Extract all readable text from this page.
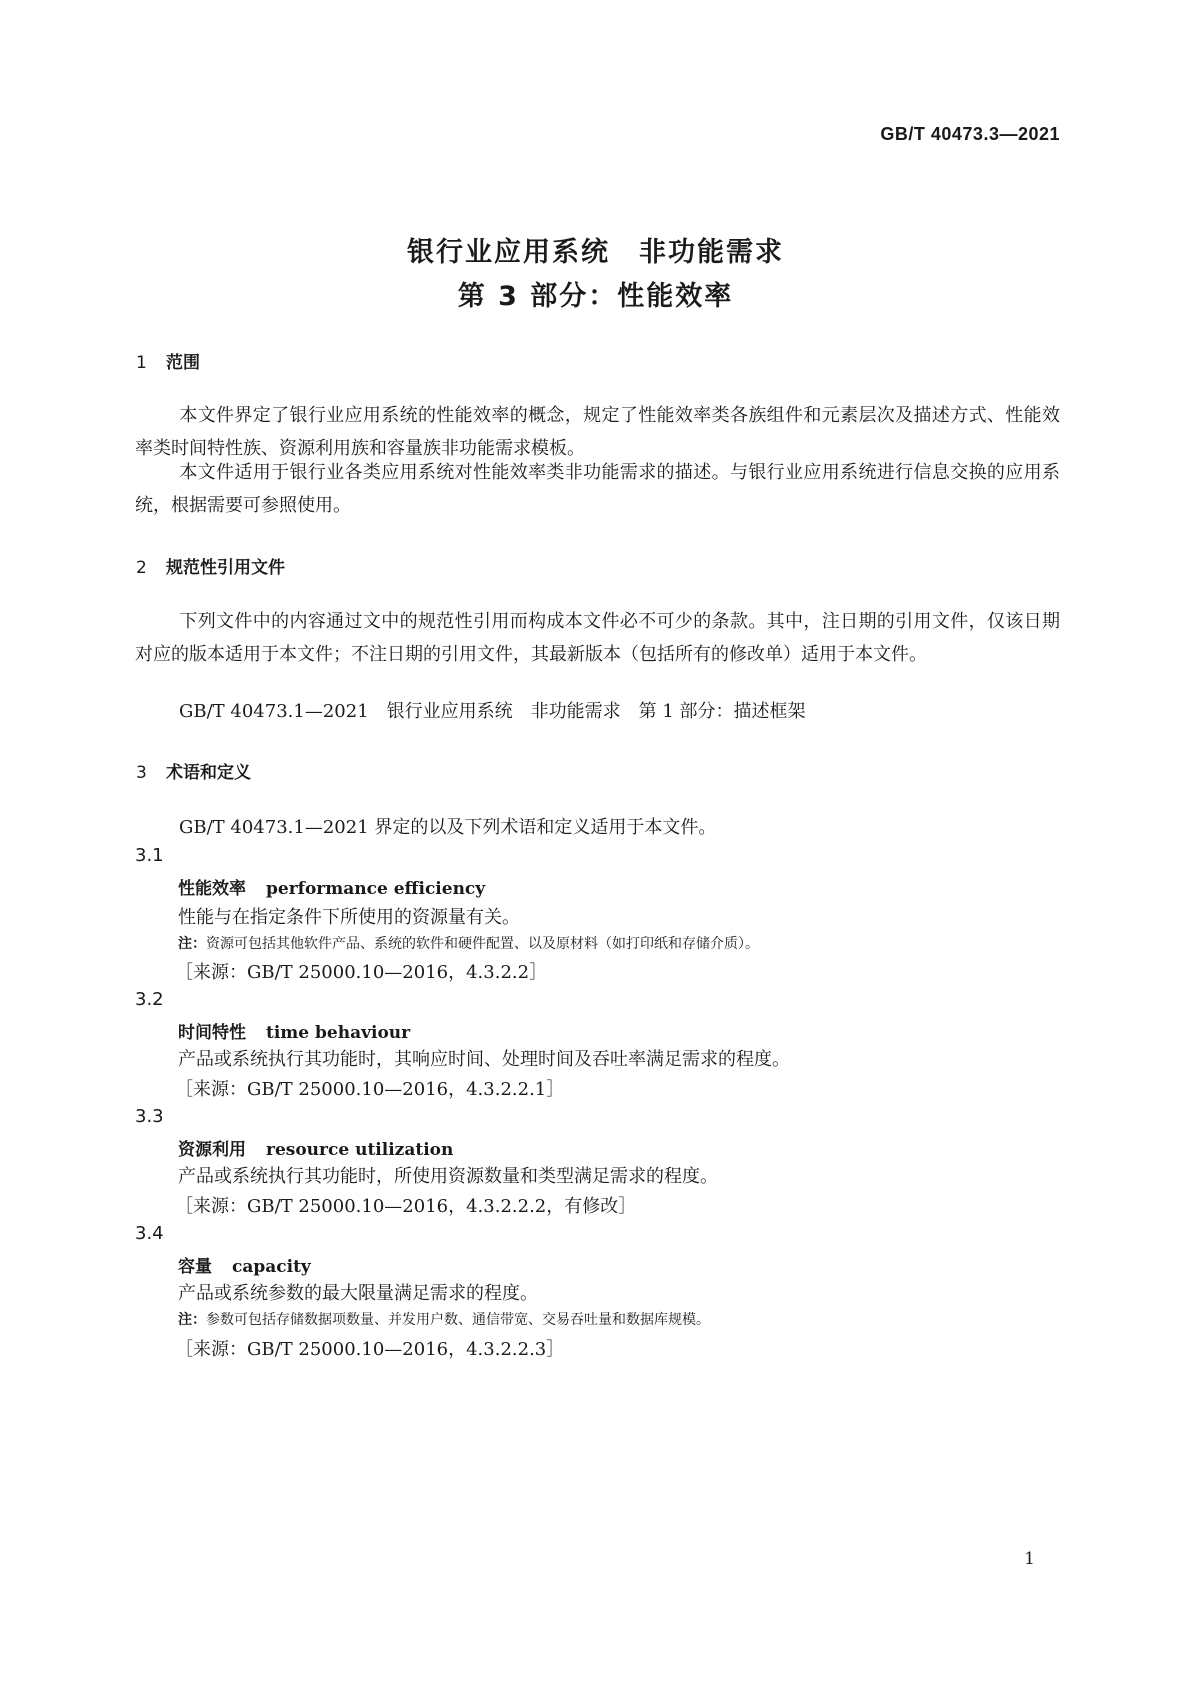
GB/T 40473.3—2021
银行业应用系统　非功能需求
第 3 部分：性能效率
1 范围
本文件界定了银行业应用系统的性能效率的概念，规定了性能效率类各族组件和元素层次及描述方式、性能效率类时间特性族、资源利用族和容量族非功能需求模板。
本文件适用于银行业各类应用系统对性能效率类非功能需求的描述。与银行业应用系统进行信息交换的应用系统，根据需要可参照使用。
2 规范性引用文件
下列文件中的内容通过文中的规范性引用而构成本文件必不可少的条款。其中，注日期的引用文件，仅该日期对应的版本适用于本文件；不注日期的引用文件，其最新版本（包括所有的修改单）适用于本文件。
GB/T 40473.1—2021　银行业应用系统　非功能需求　第 1 部分：描述框架
3 术语和定义
GB/T 40473.1—2021 界定的以及下列术语和定义适用于本文件。
3.1
性能效率 performance efficiency
性能与在指定条件下所使用的资源量有关。
注：资源可包括其他软件产品、系统的软件和硬件配置、以及原材料（如打印纸和存储介质）。
［来源：GB/T 25000.10—2016，4.3.2.2］
3.2
时间特性 time behaviour
产品或系统执行其功能时，其响应时间、处理时间及吞吐率满足需求的程度。
［来源：GB/T 25000.10—2016，4.3.2.2.1］
3.3
资源利用 resource utilization
产品或系统执行其功能时，所使用资源数量和类型满足需求的程度。
［来源：GB/T 25000.10—2016，4.3.2.2.2，有修改］
3.4
容量 capacity
产品或系统参数的最大限量满足需求的程度。
注：参数可包括存储数据项数量、并发用户数、通信带宽、交易吞吐量和数据库规模。
［来源：GB/T 25000.10—2016，4.3.2.2.3］
1
